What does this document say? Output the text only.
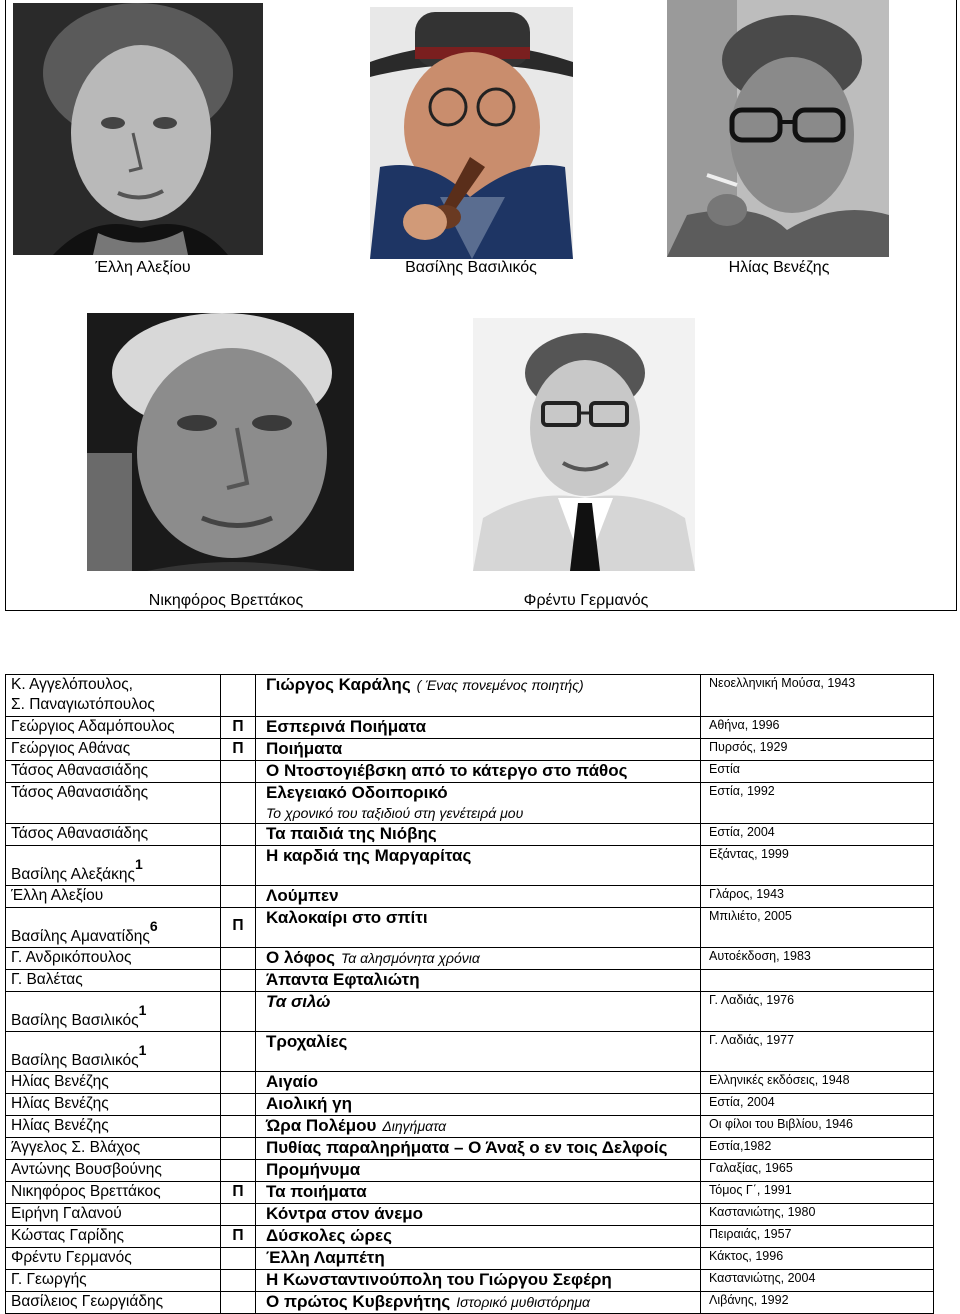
Έλλη Αλεξίου	Βασίλης Βασιλικός	Ηλίας Βενέζης
Νικηφόρος Βρεττάκος	Φρέντυ Γερμανός
Κ. Αγγελόπουλος,
Σ. Παναγιωτόπουλος		Γιώργος Καράλης ( Ένας πονεμένος ποιητής)	Νεοελληνική Μούσα, 1943

Γεώργιος Αδαμόπουλος	Π	Εσπερινά Ποιήματα	Αθήνα, 1996

Γεώργιος Αθάνας	Π	Ποιήματα	Πυρσός, 1929

Τάσος Αθανασιάδης		Ο Ντοστογιέβσκη από το κάτεργο στο πάθος	Εστία

Τάσος Αθανασιάδης		Ελεγειακό Οδοιπορικό
Το χρονικό του ταξιδιού στη γενέτειρά μου	Εστία, 1992

Τάσος Αθανασιάδης		Τα παιδιά της Νιόβης	Εστία, 2004
Βασίλης Αλεξάκης1		Η καρδιά της Μαργαρίτας	Εξάντας, 1999

Έλλη Αλεξίου		Λούμπεν	Γλάρος, 1943
Βασίλης Αμανατίδης6	Π	Καλοκαίρι στο σπίτι	Μπιλιέτο, 2005

Γ. Ανδρικόπουλος		Ο λόφος Τα αλησμόνητα χρόνια	Αυτοέκδοση, 1983

Γ. Βαλέτας		Άπαντα Εφταλιώτη	
Βασίλης Βασιλικός1		Τα σιλώ	Γ. Λαδιάς, 1976
Βασίλης Βασιλικός1		Τροχαλίες	Γ. Λαδιάς, 1977

Ηλίας Βενέζης		Αιγαίο	Ελληνικές εκδόσεις, 1948

Ηλίας Βενέζης		Αιολική γη	Εστία, 2004

Ηλίας Βενέζης		Ώρα Πολέμου Διηγήματα	Οι φίλοι του Βιβλίου, 1946

Άγγελος Σ. Βλάχος		Πυθίας παραληρήματα – Ο Άναξ ο εν τοις Δελφοίς	Εστία,1982

Αντώνης Βουσβούνης		Προμήνυμα	Γαλαξίας, 1965

Νικηφόρος Βρεττάκος	Π	Τα ποιήματα	Τόμος Γ΄, 1991

Ειρήνη Γαλανού		Κόντρα στον άνεμο	Καστανιώτης, 1980

Κώστας Γαρίδης	Π	Δύσκολες ώρες	Πειραιάς, 1957

Φρέντυ Γερμανός		Έλλη Λαμπέτη	Κάκτος, 1996

Γ. Γεωργής		Η Κωνσταντινούπολη του Γιώργου Σεφέρη	Καστανιώτης, 2004

Βασίλειος Γεωργιάδης		Ο πρώτος Κυβερνήτης Ιστορικό μυθιστόρημα	Λιβάνης, 1992
